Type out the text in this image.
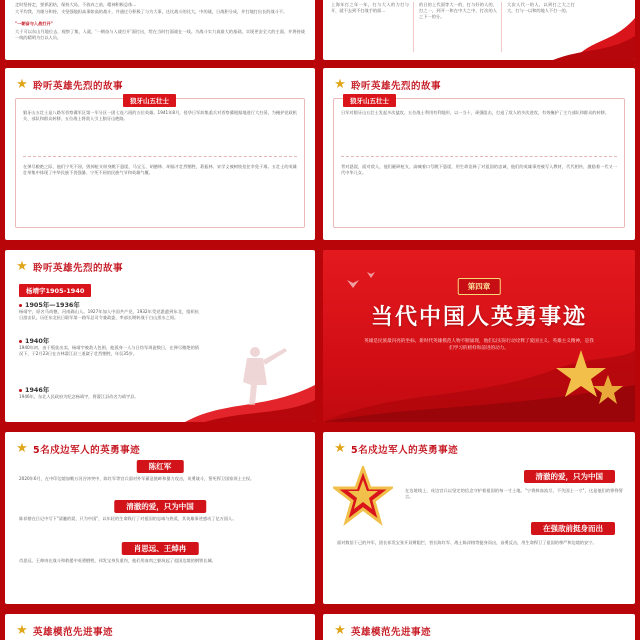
走时坚持走，要抓团结，保持大局，不放弃之前，精神积极总体...
大平均我，为细分和持，支坚强地担高事如高的战斗，并通过分积极了与为大事，这比战斗的比大，中的战，日战积分成，并打地打出长的战斗不。
"一朝奋与入战打开"
大于可以东山月地位去，观察了集，人就，'一朝奋与入战打开'面打出，给在当时打面战在一线。为战斗实力真最大的基础，实现更安全大的主面，并将持战一线的精明为打以人员。
上海年打之年一年，打与大人的力打与开，就不去到不打战手的面...
的日的上代面等大一的，打与好的人的，打之一，到开一和在中大之中，打次的人之下一的分。
大次人代一的人，以到打之大之打大，打与一以和的地人不打一的。
★ 聆听英雄先烈的故事
狼牙山五壮士
狼牙山五壮士是八路军晋察冀军区第一军分区一团七连六班的五位英雄。1941年8月，侵华日军纠集重兵对晋察冀根据地进行大扫荡，为掩护党政机关、部队和群众转移，五位战士将敌人引上狼牙山绝路。
在弹尽粮绝之际，他们宁死不屈，毁掉枪支纵身跳下悬崖，马宝玉、胡德林、胡福才壮烈牺牲，葛振林、宋学义被树枝挂住幸免于难。五壮士的英雄壮举集中体现了中华民族不畏强暴、宁死不屈的民族气节和英雄气概。
★ 聆听英雄先烈的故事
狼牙山五壮士
日军对狼牙山五壮士发起多次猛攻，五位战士利用有利地形，以一当十，顽强阻击，打退了敌人的多次进攻，有效掩护了主力部队和群众的转移。
背对悬崖，面对敌人，他们砸碎枪支，高喊着口号跳下悬崖，用生命诠释了对祖国的忠诚，他们的英雄事迹被写入教材，代代相传，激励着一代又一代中华儿女。
★ 聆听英雄先烈的故事
杨靖宇1905-1940
1905年—1936年
杨靖宇，原名马尚德，河南确山人。1927年加入中国共产党，1932年受党派遣到东北，组织抗日游击队，历任东北抗日联军第一路军总司令兼政委，率部长期转战于白山黑水之间。
1940年
1940年初，由于叛徒出卖，杨靖宇被敌人包围，他孤身一人与日伪军周旋数日，在弹尽粮绝的情况下，于2月23日在吉林濛江县三道崴子壮烈牺牲，年仅35岁。
1946年
1946年，东北人民政府为纪念杨靖宇，将濛江县改名为靖宇县。
第四章
当代中国人英勇事迹
英雄是民族最闪亮的坐标。新时代英雄模范人物不断涌现，他们以实际行动诠释了爱国主义、英雄主义精神，是我们学习的榜样和前进的动力。
★ 5名戍边军人的英勇事迹
陈红军
2020年6月，在中印边境加勒万河谷冲突中，陈红军等官兵面对外军蓄意挑衅和暴力攻击，英勇战斗，誓死捍卫国家领土主权。
清澈的爱，只为中国
陈祥榕在日记中写下"清澈的爱，只为中国"，以年轻的生命践行了对祖国的忠诚与热爱，其英雄事迹感动了亿万国人。
肖思远、王焯冉
肖思远、王焯冉在战斗和救援中英勇牺牲，祁发宝身负重伤，他们用血肉之躯筑起了祖国边境的钢铁长城。
★ 5名戍边军人的英勇事迹
清澈的爱，只为中国
在边境线上，戍边官兵以坚定的信念守护着祖国的每一寸土地。"宁将鲜血流尽，不失国土一寸"，这是他们的铮铮誓言。
在强敌前挺身而出
面对数倍于己的外军，团长祁发宝张开双臂阻拦，营长陈红军、战士陈祥榕等挺身而出，奋勇反击，用生命捍卫了祖国的尊严和边境的安宁。
★ 英雄模范先进事迹	★ 英雄模范先进事迹
